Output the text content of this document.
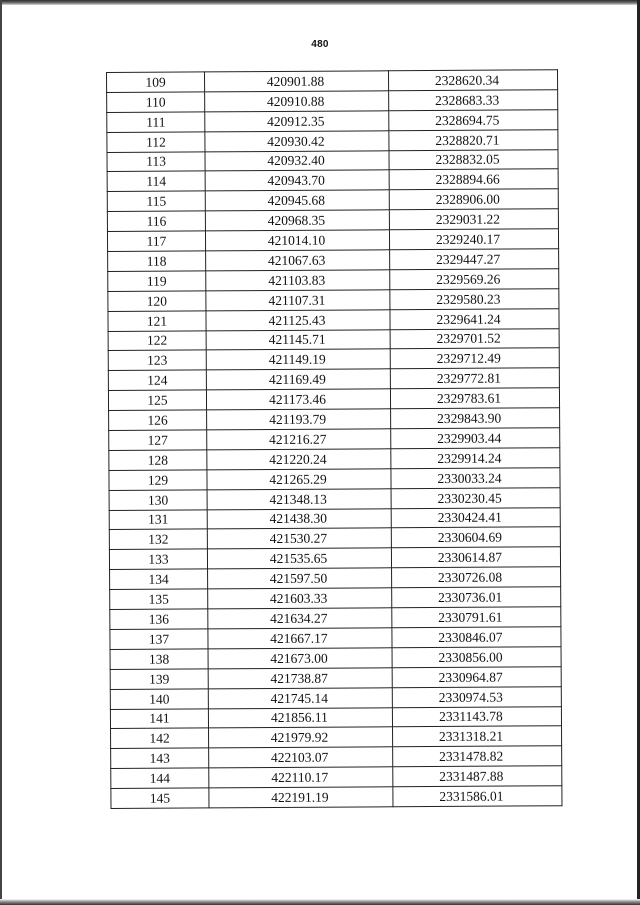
480
109	420901.88	2328620.34
110	420910.88	2328683.33
111	420912.35	2328694.75
112	420930.42	2328820.71
113	420932.40	2328832.05
114	420943.70	2328894.66
115	420945.68	2328906.00
116	420968.35	2329031.22
117	421014.10	2329240.17
118	421067.63	2329447.27
119	421103.83	2329569.26
120	421107.31	2329580.23
121	421125.43	2329641.24
122	421145.71	2329701.52
123	421149.19	2329712.49
124	421169.49	2329772.81
125	421173.46	2329783.61
126	421193.79	2329843.90
127	421216.27	2329903.44
128	421220.24	2329914.24
129	421265.29	2330033.24
130	421348.13	2330230.45
131	421438.30	2330424.41
132	421530.27	2330604.69
133	421535.65	2330614.87
134	421597.50	2330726.08
135	421603.33	2330736.01
136	421634.27	2330791.61
137	421667.17	2330846.07
138	421673.00	2330856.00
139	421738.87	2330964.87
140	421745.14	2330974.53
141	421856.11	2331143.78
142	421979.92	2331318.21
143	422103.07	2331478.82
144	422110.17	2331487.88
145	422191.19	2331586.01
